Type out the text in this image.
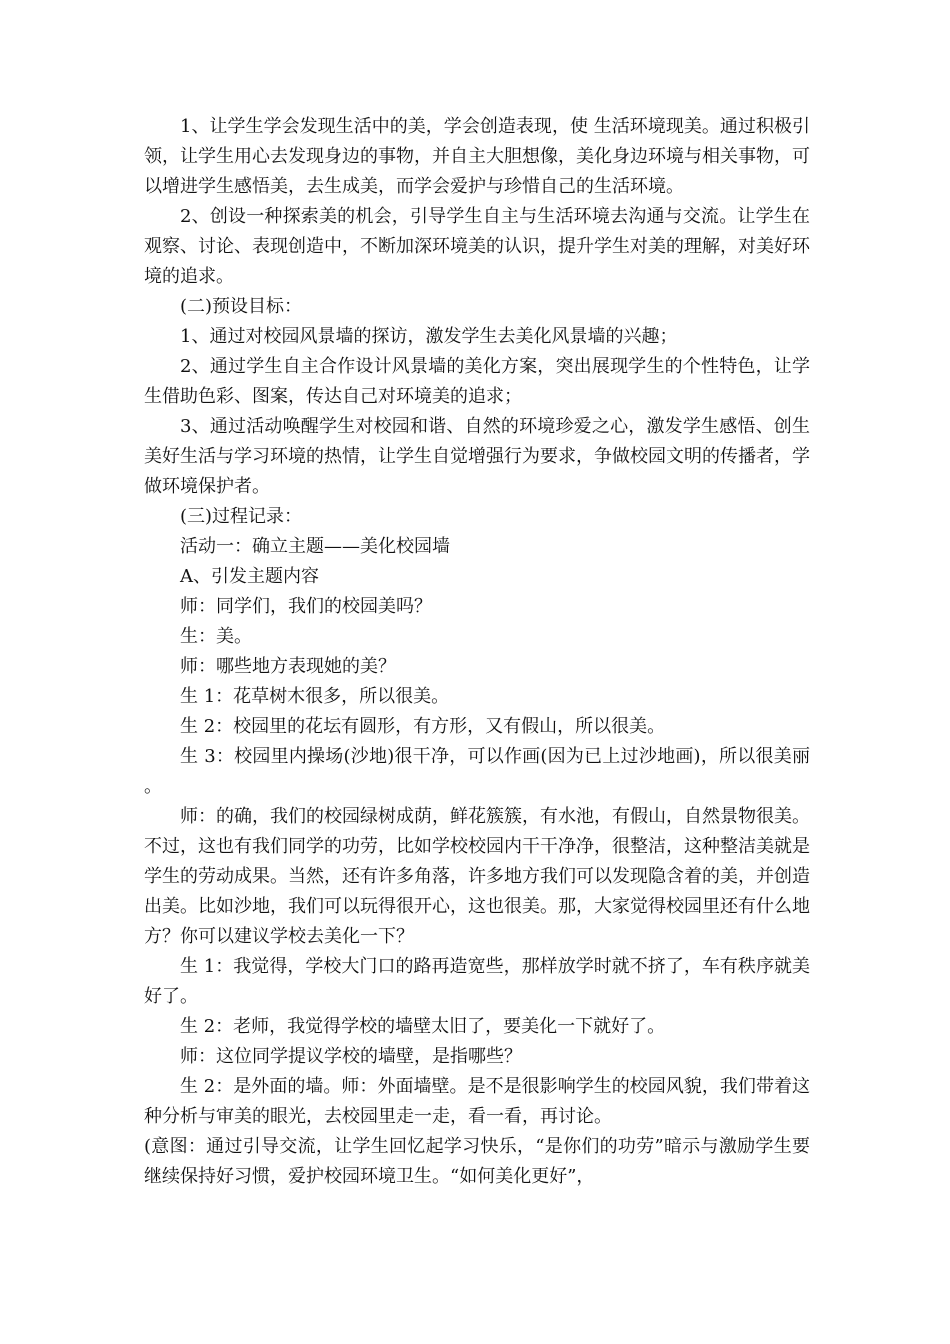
1、让学生学会发现生活中的美，学会创造表现，使 生活环境现美。通过积极引领，让学生用心去发现身边的事物，并自主大胆想像，美化身边环境与相关事物，可以增进学生感悟美，去生成美，而学会爱护与珍惜自己的生活环境。

2、创设一种探索美的机会，引导学生自主与生活环境去沟通与交流。让学生在观察、讨论、表现创造中，不断加深环境美的认识，提升学生对美的理解，对美好环境的追求。

(二)预设目标：

1、通过对校园风景墙的探访，激发学生去美化风景墙的兴趣；

2、通过学生自主合作设计风景墙的美化方案，突出展现学生的个性特色，让学生借助色彩、图案，传达自己对环境美的追求；

3、通过活动唤醒学生对校园和谐、自然的环境珍爱之心，激发学生感悟、创生美好生活与学习环境的热情，让学生自觉增强行为要求，争做校园文明的传播者，学做环境保护者。

(三)过程记录：

活动一：确立主题——美化校园墙

A、引发主题内容

师：同学们，我们的校园美吗？

生：美。

师：哪些地方表现她的美？

生 1：花草树木很多，所以很美。

生 2：校园里的花坛有圆形，有方形，又有假山，所以很美。

生 3：校园里内操场(沙地)很干净，可以作画(因为已上过沙地画)，所以很美丽。

师：的确，我们的校园绿树成荫，鲜花簇簇，有水池，有假山，自然景物很美。不过，这也有我们同学的功劳，比如学校校园内干干净净，很整洁，这种整洁美就是学生的劳动成果。当然，还有许多角落，许多地方我们可以发现隐含着的美，并创造出美。比如沙地，我们可以玩得很开心，这也很美。那，大家觉得校园里还有什么地方？你可以建议学校去美化一下？

生 1：我觉得，学校大门口的路再造宽些，那样放学时就不挤了，车有秩序就美好了。

生 2：老师，我觉得学校的墙壁太旧了，要美化一下就好了。

师：这位同学提议学校的墙壁，是指哪些？

生 2：是外面的墙。师：外面墙壁。是不是很影响学生的校园风貌，我们带着这种分析与审美的眼光，去校园里走一走，看一看，再讨论。

(意图：通过引导交流，让学生回忆起学习快乐，“是你们的功劳”暗示与激励学生要继续保持好习惯，爱护校园环境卫生。“如何美化更好”，
